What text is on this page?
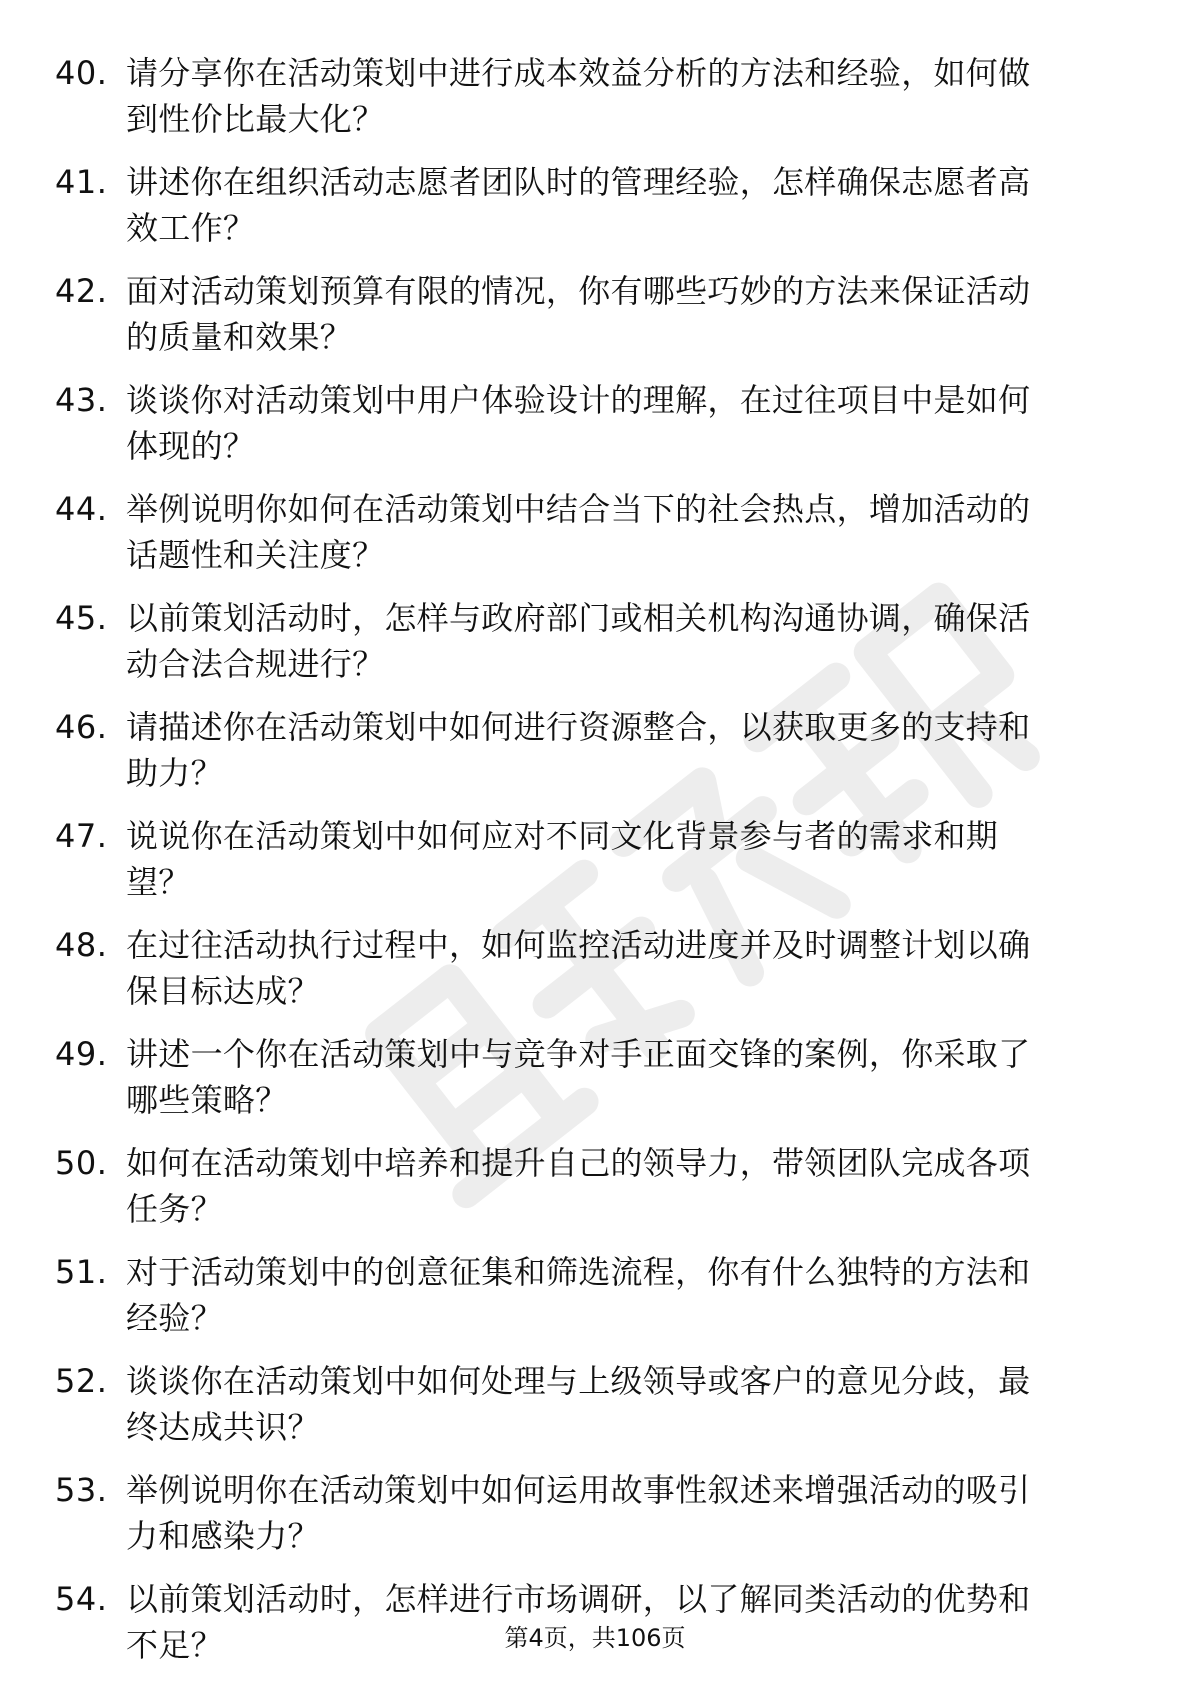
40. 请分享你在活动策划中进行成本效益分析的方法和经验，如何做到性价比最大化？
41. 讲述你在组织活动志愿者团队时的管理经验，怎样确保志愿者高效工作？
42. 面对活动策划预算有限的情况，你有哪些巧妙的方法来保证活动的质量和效果？
43. 谈谈你对活动策划中用户体验设计的理解，在过往项目中是如何体现的？
44. 举例说明你如何在活动策划中结合当下的社会热点，增加活动的话题性和关注度？
45. 以前策划活动时，怎样与政府部门或相关机构沟通协调，确保活动合法合规进行？
46. 请描述你在活动策划中如何进行资源整合，以获取更多的支持和助力？
47. 说说你在活动策划中如何应对不同文化背景参与者的需求和期望？
48. 在过往活动执行过程中，如何监控活动进度并及时调整计划以确保目标达成？
49. 讲述一个你在活动策划中与竞争对手正面交锋的案例，你采取了哪些策略？
50. 如何在活动策划中培养和提升自己的领导力，带领团队完成各项任务？
51. 对于活动策划中的创意征集和筛选流程，你有什么独特的方法和经验？
52. 谈谈你在活动策划中如何处理与上级领导或客户的意见分歧，最终达成共识？
53. 举例说明你在活动策划中如何运用故事性叙述来增强活动的吸引力和感染力？
54. 以前策划活动时，怎样进行市场调研，以了解同类活动的优势和不足？	第4页，共106页
